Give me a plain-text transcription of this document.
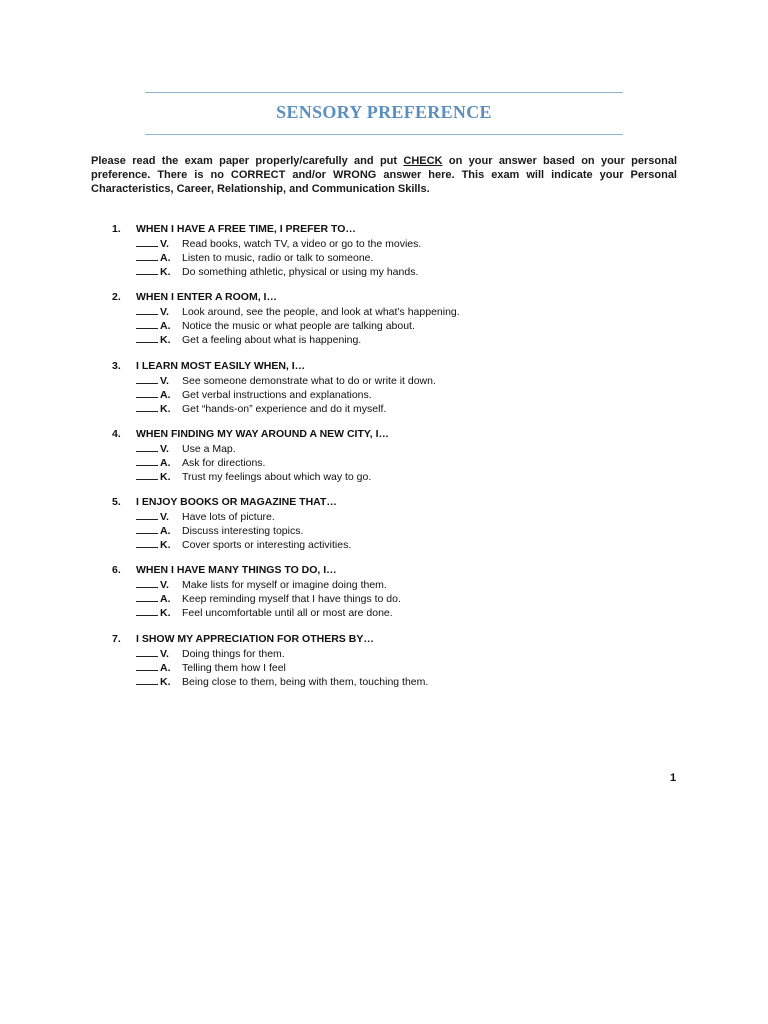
SENSORY PREFERENCE
Please read the exam paper properly/carefully and put CHECK on your answer based on your personal preference. There is no CORRECT and/or WRONG answer here. This exam will indicate your Personal Characteristics, Career, Relationship, and Communication Skills.
1. WHEN I HAVE A FREE TIME, I PREFER TO…
V. Read books, watch TV, a video or go to the movies.
A. Listen to music, radio or talk to someone.
K. Do something athletic, physical or using my hands.
2. WHEN I ENTER A ROOM, I…
V. Look around, see the people, and look at what’s happening.
A. Notice the music or what people are talking about.
K. Get a feeling about what is happening.
3. I LEARN MOST EASILY WHEN, I…
V. See someone demonstrate what to do or write it down.
A. Get verbal instructions and explanations.
K. Get “hands-on” experience and do it myself.
4. WHEN FINDING MY WAY AROUND A NEW CITY, I…
V. Use a Map.
A. Ask for directions.
K. Trust my feelings about which way to go.
5. I ENJOY BOOKS OR MAGAZINE THAT…
V. Have lots of picture.
A. Discuss interesting topics.
K. Cover sports or interesting activities.
6. WHEN I HAVE MANY THINGS TO DO, I…
V. Make lists for myself or imagine doing them.
A. Keep reminding myself that I have things to do.
K. Feel uncomfortable until all or most are done.
7. I SHOW MY APPRECIATION FOR OTHERS BY…
V. Doing things for them.
A. Telling them how I feel
K. Being close to them, being with them, touching them.
1
